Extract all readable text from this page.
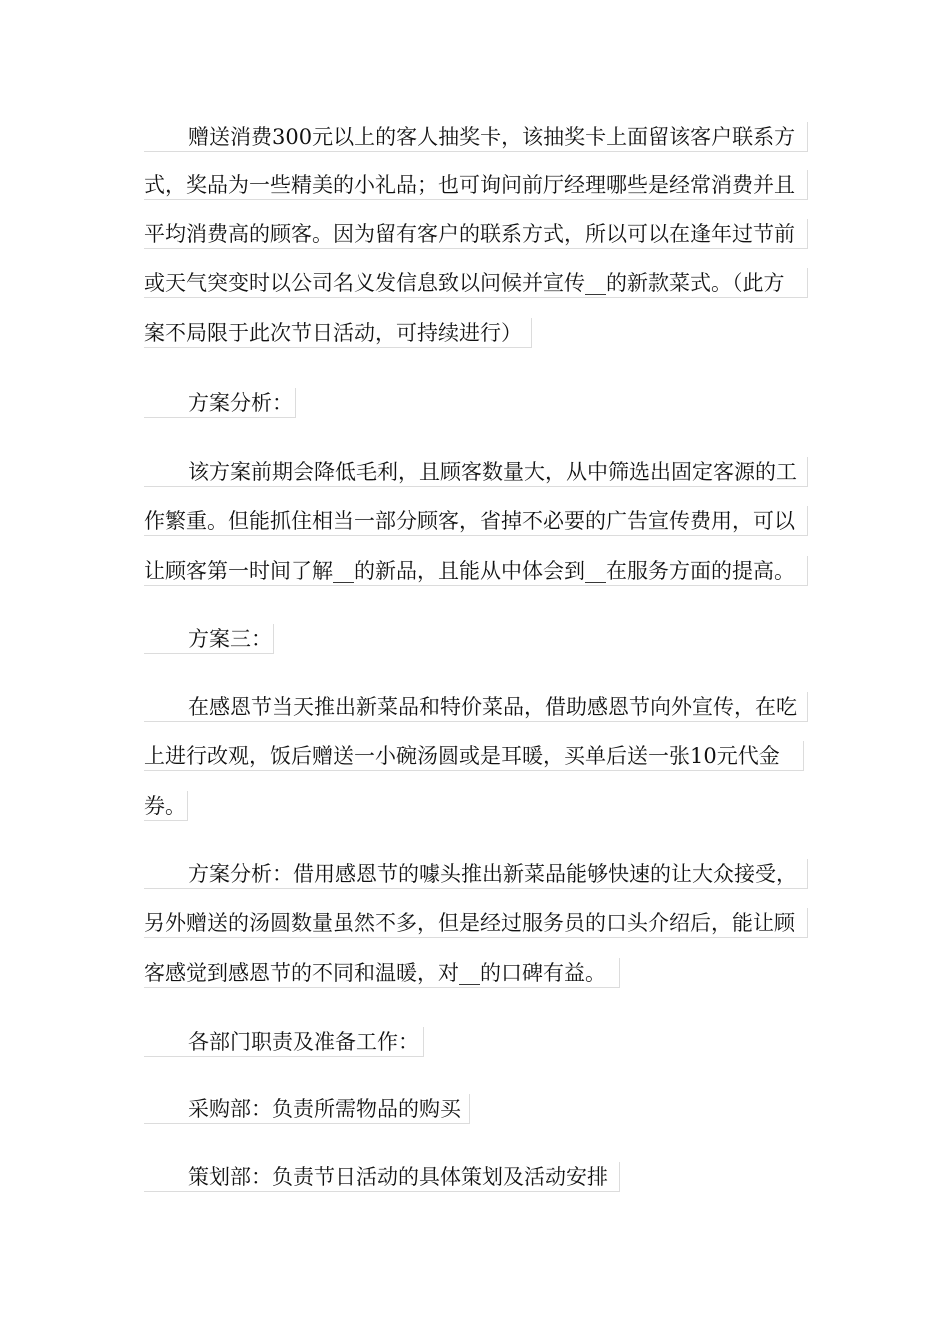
赠送消费300元以上的客人抽奖卡，该抽奖卡上面留该客户联系方
式，奖品为一些精美的小礼品；也可询问前厅经理哪些是经常消费并且
平均消费高的顾客。因为留有客户的联系方式，所以可以在逢年过节前
或天气突变时以公司名义发信息致以问候并宣传__的新款菜式。（此方
案不局限于此次节日活动，可持续进行）
方案分析：
该方案前期会降低毛利，且顾客数量大，从中筛选出固定客源的工
作繁重。但能抓住相当一部分顾客，省掉不必要的广告宣传费用，可以
让顾客第一时间了解__的新品，且能从中体会到__在服务方面的提高。
方案三：
在感恩节当天推出新菜品和特价菜品，借助感恩节向外宣传，在吃
上进行改观，饭后赠送一小碗汤圆或是耳暖，买单后送一张10元代金
券。
方案分析：借用感恩节的噱头推出新菜品能够快速的让大众接受，
另外赠送的汤圆数量虽然不多，但是经过服务员的口头介绍后，能让顾
客感觉到感恩节的不同和温暖，对__的口碑有益。
各部门职责及准备工作：
采购部：负责所需物品的购买
策划部：负责节日活动的具体策划及活动安排
